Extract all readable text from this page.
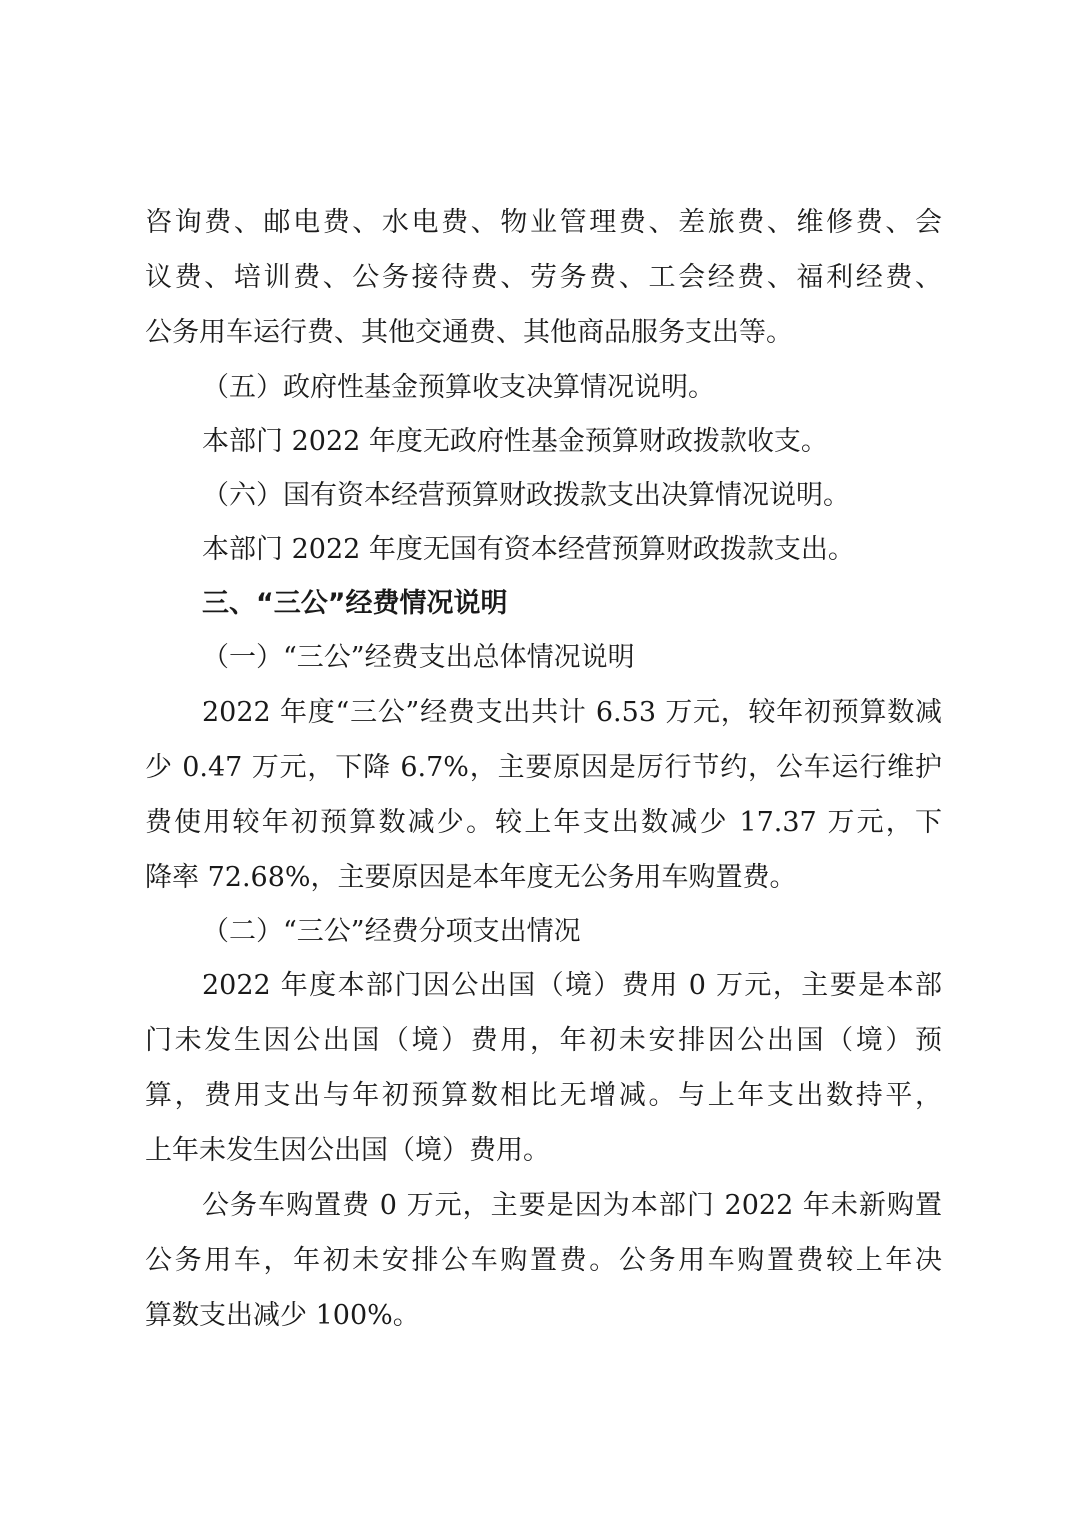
咨询费、邮电费、水电费、物业管理费、差旅费、维修费、会
议费、培训费、公务接待费、劳务费、工会经费、福利经费、
公务用车运行费、其他交通费、其他商品服务支出等。
（五）政府性基金预算收支决算情况说明。
本部门 2022 年度无政府性基金预算财政拨款收支。
（六）国有资本经营预算财政拨款支出决算情况说明。
本部门 2022 年度无国有资本经营预算财政拨款支出。
三、“三公”经费情况说明
（一）“三公”经费支出总体情况说明
2022 年度“三公”经费支出共计 6.53 万元，较年初预算数减
少 0.47 万元，下降 6.7%，主要原因是厉行节约，公车运行维护
费使用较年初预算数减少。较上年支出数减少 17.37 万元，下
降率 72.68%，主要原因是本年度无公务用车购置费。
（二）“三公”经费分项支出情况
2022 年度本部门因公出国（境）费用 0 万元，主要是本部
门未发生因公出国（境）费用，年初未安排因公出国（境）预
算，费用支出与年初预算数相比无增减。与上年支出数持平，
上年未发生因公出国（境）费用。
公务车购置费 0 万元，主要是因为本部门 2022 年未新购置
公务用车，年初未安排公车购置费。公务用车购置费较上年决
算数支出减少 100%。
